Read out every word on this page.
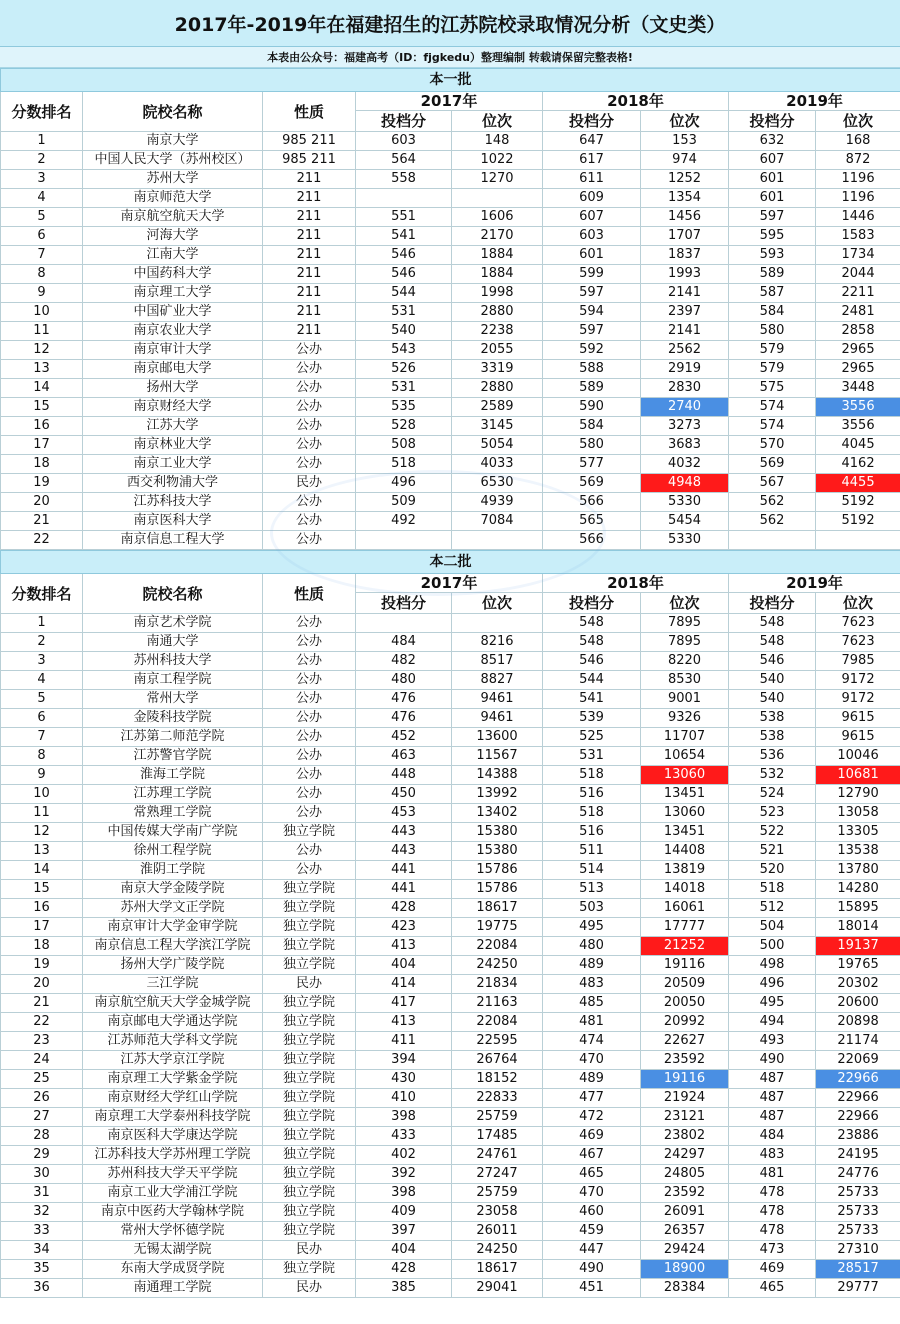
2017年-2019年在福建招生的江苏院校录取情况分析（文史类）
本表由公众号：福建高考（ID：fjgkedu）整理编制 转载请保留完整表格!
本一批								
分数排名	院校名称	性质	2017年		2018年		2019年	
			投档分	位次	投档分	位次	投档分	位次
1	南京大学	985 211	603	148	647	153	632	168
2	中国人民大学（苏州校区）	985 211	564	1022	617	974	607	872
3	苏州大学	211	558	1270	611	1252	601	1196
4	南京师范大学	211			609	1354	601	1196
5	南京航空航天大学	211	551	1606	607	1456	597	1446
6	河海大学	211	541	2170	603	1707	595	1583
7	江南大学	211	546	1884	601	1837	593	1734
8	中国药科大学	211	546	1884	599	1993	589	2044
9	南京理工大学	211	544	1998	597	2141	587	2211
10	中国矿业大学	211	531	2880	594	2397	584	2481
11	南京农业大学	211	540	2238	597	2141	580	2858
12	南京审计大学	公办	543	2055	592	2562	579	2965
13	南京邮电大学	公办	526	3319	588	2919	579	2965
14	扬州大学	公办	531	2880	589	2830	575	3448
15	南京财经大学	公办	535	2589	590	2740	574	3556
16	江苏大学	公办	528	3145	584	3273	574	3556
17	南京林业大学	公办	508	5054	580	3683	570	4045
18	南京工业大学	公办	518	4033	577	4032	569	4162
19	西交利物浦大学	民办	496	6530	569	4948	567	4455
20	江苏科技大学	公办	509	4939	566	5330	562	5192
21	南京医科大学	公办	492	7084	565	5454	562	5192
22	南京信息工程大学	公办			566	5330		
本二批								
分数排名	院校名称	性质	2017年		2018年		2019年	
			投档分	位次	投档分	位次	投档分	位次
1	南京艺术学院	公办			548	7895	548	7623
2	南通大学	公办	484	8216	548	7895	548	7623
3	苏州科技大学	公办	482	8517	546	8220	546	7985
4	南京工程学院	公办	480	8827	544	8530	540	9172
5	常州大学	公办	476	9461	541	9001	540	9172
6	金陵科技学院	公办	476	9461	539	9326	538	9615
7	江苏第二师范学院	公办	452	13600	525	11707	538	9615
8	江苏警官学院	公办	463	11567	531	10654	536	10046
9	淮海工学院	公办	448	14388	518	13060	532	10681
10	江苏理工学院	公办	450	13992	516	13451	524	12790
11	常熟理工学院	公办	453	13402	518	13060	523	13058
12	中国传媒大学南广学院	独立学院	443	15380	516	13451	522	13305
13	徐州工程学院	公办	443	15380	511	14408	521	13538
14	淮阴工学院	公办	441	15786	514	13819	520	13780
15	南京大学金陵学院	独立学院	441	15786	513	14018	518	14280
16	苏州大学文正学院	独立学院	428	18617	503	16061	512	15895
17	南京审计大学金审学院	独立学院	423	19775	495	17777	504	18014
18	南京信息工程大学滨江学院	独立学院	413	22084	480	21252	500	19137
19	扬州大学广陵学院	独立学院	404	24250	489	19116	498	19765
20	三江学院	民办	414	21834	483	20509	496	20302
21	南京航空航天大学金城学院	独立学院	417	21163	485	20050	495	20600
22	南京邮电大学通达学院	独立学院	413	22084	481	20992	494	20898
23	江苏师范大学科文学院	独立学院	411	22595	474	22627	493	21174
24	江苏大学京江学院	独立学院	394	26764	470	23592	490	22069
25	南京理工大学紫金学院	独立学院	430	18152	489	19116	487	22966
26	南京财经大学红山学院	独立学院	410	22833	477	21924	487	22966
27	南京理工大学泰州科技学院	独立学院	398	25759	472	23121	487	22966
28	南京医科大学康达学院	独立学院	433	17485	469	23802	484	23886
29	江苏科技大学苏州理工学院	独立学院	402	24761	467	24297	483	24195
30	苏州科技大学天平学院	独立学院	392	27247	465	24805	481	24776
31	南京工业大学浦江学院	独立学院	398	25759	470	23592	478	25733
32	南京中医药大学翰林学院	独立学院	409	23058	460	26091	478	25733
33	常州大学怀德学院	独立学院	397	26011	459	26357	478	25733
34	无锡太湖学院	民办	404	24250	447	29424	473	27310
35	东南大学成贤学院	独立学院	428	18617	490	18900	469	28517
36	南通理工学院	民办	385	29041	451	28384	465	29777
